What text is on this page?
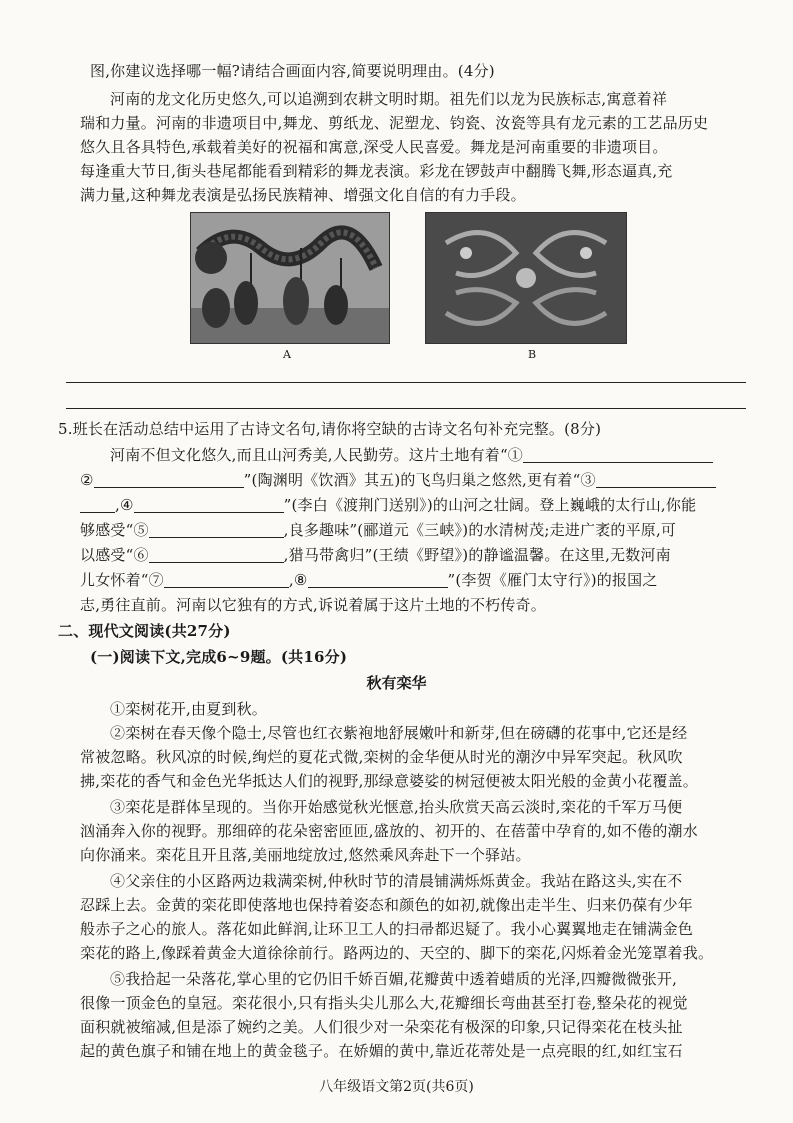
图,你建议选择哪一幅?请结合画面内容,简要说明理由。(4分)
河南的龙文化历史悠久,可以追溯到农耕文明时期。祖先们以龙为民族标志,寓意着祥
瑞和力量。河南的非遗项目中,舞龙、剪纸龙、泥塑龙、钧瓷、汝瓷等具有龙元素的工艺品历史
悠久且各具特色,承载着美好的祝福和寓意,深受人民喜爱。舞龙是河南重要的非遗项目。
每逢重大节日,街头巷尾都能看到精彩的舞龙表演。彩龙在锣鼓声中翻腾飞舞,形态逼真,充
满力量,这种舞龙表演是弘扬民族精神、增强文化自信的有力手段。
A	B
5.班长在活动总结中运用了古诗文名句,请你将空缺的古诗文名句补充完整。(8分)
河南不但文化悠久,而且山河秀美,人民勤劳。这片土地有着“①
②	”(陶渊明《饮酒》其五)的飞鸟归巢之悠然,更有着“③
,④	”(李白《渡荆门送别》)的山河之壮阔。登上巍峨的太行山,你能
够感受“⑤	,良多趣味”(郦道元《三峡》)的水清树茂;走进广袤的平原,可
以感受“⑥	,猎马带禽归”(王绩《野望》)的静谧温馨。在这里,无数河南
儿女怀着“⑦	,⑧	”(李贺《雁门太守行》)的报国之
志,勇往直前。河南以它独有的方式,诉说着属于这片土地的不朽传奇。
二、现代文阅读(共27分)
(一)阅读下文,完成6~9题。(共16分)
秋有栾华
①栾树花开,由夏到秋。
②栾树在春天像个隐士,尽管也红衣紫袍地舒展嫩叶和新芽,但在磅礴的花事中,它还是经
常被忽略。秋风凉的时候,绚烂的夏花式微,栾树的金华便从时光的潮汐中异军突起。秋风吹
拂,栾花的香气和金色光华抵达人们的视野,那绿意婆娑的树冠便被太阳光般的金黄小花覆盖。
③栾花是群体呈现的。当你开始感觉秋光惬意,抬头欣赏天高云淡时,栾花的千军万马便
汹涌奔入你的视野。那细碎的花朵密密匝匝,盛放的、初开的、在蓓蕾中孕育的,如不倦的潮水
向你涌来。栾花且开且落,美丽地绽放过,悠然乘风奔赴下一个驿站。
④父亲住的小区路两边栽满栾树,仲秋时节的清晨铺满烁烁黄金。我站在路这头,实在不
忍踩上去。金黄的栾花即使落地也保持着姿态和颜色的如初,就像出走半生、归来仍葆有少年
般赤子之心的旅人。落花如此鲜润,让环卫工人的扫帚都迟疑了。我小心翼翼地走在铺满金色
栾花的路上,像踩着黄金大道徐徐前行。路两边的、天空的、脚下的栾花,闪烁着金光笼罩着我。
⑤我拾起一朵落花,掌心里的它仍旧千娇百媚,花瓣黄中透着蜡质的光泽,四瓣微微张开,
很像一顶金色的皇冠。栾花很小,只有指头尖儿那么大,花瓣细长弯曲甚至打卷,整朵花的视觉
面积就被缩减,但是添了婉约之美。人们很少对一朵栾花有极深的印象,只记得栾花在枝头扯
起的黄色旗子和铺在地上的黄金毯子。在娇媚的黄中,靠近花蒂处是一点亮眼的红,如红宝石
八年级语文第2页(共6页)
